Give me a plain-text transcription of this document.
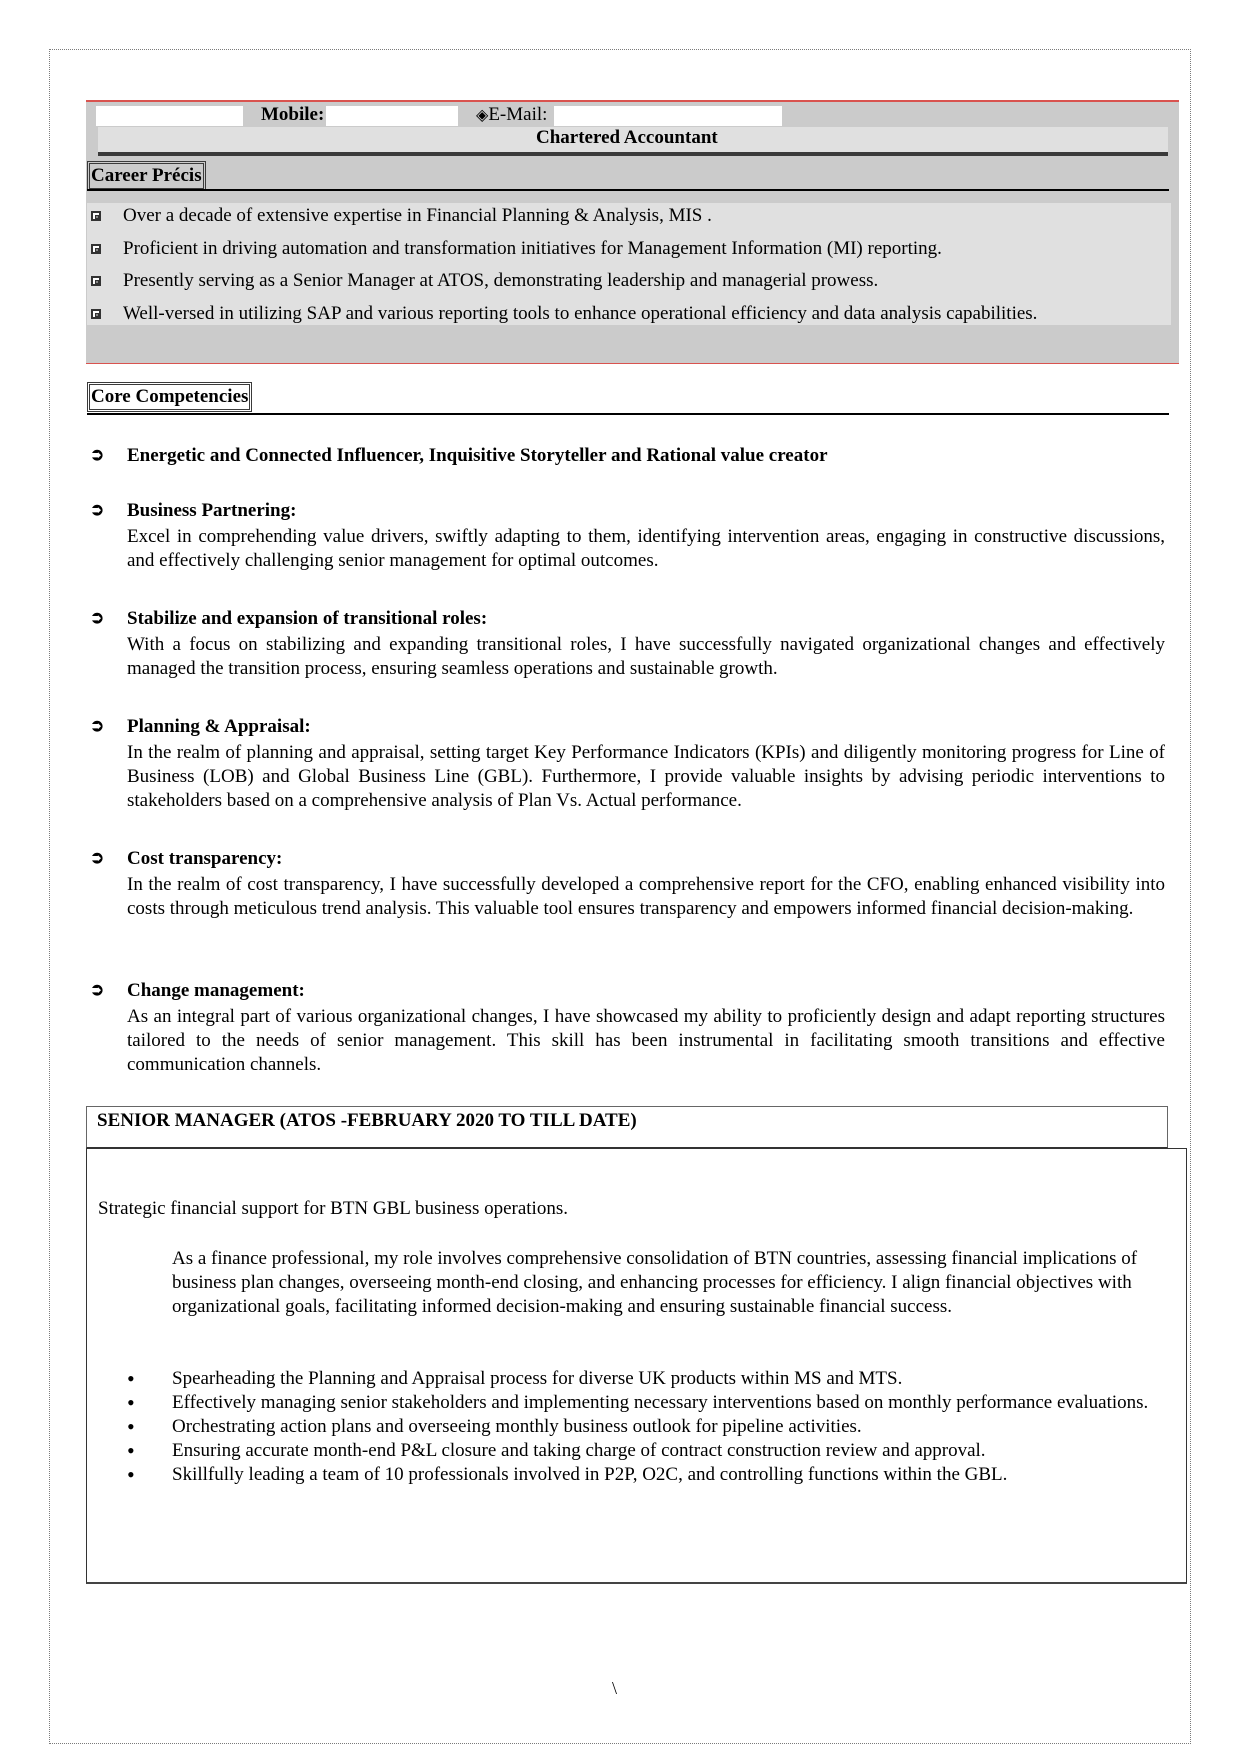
Mobile:	◈E-Mail:
Chartered Accountant
Career Précis
Over a decade of extensive expertise in Financial Planning & Analysis, MIS .
Proficient in driving automation and transformation initiatives for Management Information (MI) reporting.
Presently serving as a Senior Manager at ATOS, demonstrating leadership and managerial prowess.
Well-versed in utilizing SAP and various reporting tools to enhance operational efficiency and data analysis capabilities.
Core Competencies
➲ Energetic and Connected Influencer, Inquisitive Storyteller and Rational value creator
➲ Business Partnering:
Excel in comprehending value drivers, swiftly adapting to them, identifying intervention areas, engaging in constructive discussions, and effectively challenging senior management for optimal outcomes.
➲ Stabilize and expansion of transitional roles:
With a focus on stabilizing and expanding transitional roles, I have successfully navigated organizational changes and effectively managed the transition process, ensuring seamless operations and sustainable growth.
➲ Planning & Appraisal:
In the realm of planning and appraisal, setting target Key Performance Indicators (KPIs) and diligently monitoring progress for Line of Business (LOB) and Global Business Line (GBL). Furthermore, I provide valuable insights by advising periodic interventions to stakeholders based on a comprehensive analysis of Plan Vs. Actual performance.
➲ Cost transparency:
In the realm of cost transparency, I have successfully developed a comprehensive report for the CFO, enabling enhanced visibility into costs through meticulous trend analysis. This valuable tool ensures transparency and empowers informed financial decision-making.
➲ Change management:
As an integral part of various organizational changes, I have showcased my ability to proficiently design and adapt reporting structures tailored to the needs of senior management. This skill has been instrumental in facilitating smooth transitions and effective communication channels.
SENIOR MANAGER (ATOS -FEBRUARY 2020 TO TILL DATE)
Strategic financial support for BTN GBL business operations.
As a finance professional, my role involves comprehensive consolidation of BTN countries, assessing financial implications of business plan changes, overseeing month-end closing, and enhancing processes for efficiency. I align financial objectives with organizational goals, facilitating informed decision-making and ensuring sustainable financial success.
• Spearheading the Planning and Appraisal process for diverse UK products within MS and MTS.
• Effectively managing senior stakeholders and implementing necessary interventions based on monthly performance evaluations.
• Orchestrating action plans and overseeing monthly business outlook for pipeline activities.
• Ensuring accurate month-end P&L closure and taking charge of contract construction review and approval.
• Skillfully leading a team of 10 professionals involved in P2P, O2C, and controlling functions within the GBL.
\
